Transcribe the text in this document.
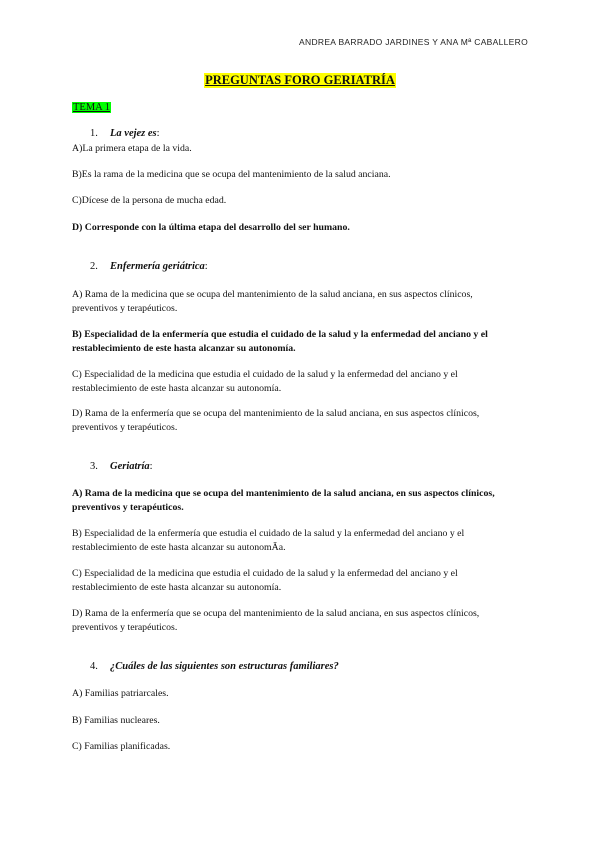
ANDREA BARRADO JARDINES Y ANA Mª CABALLERO
PREGUNTAS FORO GERIATRÍA
TEMA 1
1. La vejez es:
A)La primera etapa de la vida.
B)Es la rama de la medicina que se ocupa del mantenimiento de la salud anciana.
C)Dícese de la persona de mucha edad.
D) Corresponde con la última etapa del desarrollo del ser humano.
2. Enfermería geriátrica:
A) Rama de la medicina que se ocupa del mantenimiento de la salud anciana, en sus aspectos clínicos, preventivos y terapéuticos.
B) Especialidad de la enfermería que estudia el cuidado de la salud y la enfermedad del anciano y el restablecimiento de este hasta alcanzar su autonomía.
C) Especialidad de la medicina que estudia el cuidado de la salud y la enfermedad del anciano y el restablecimiento de este hasta alcanzar su autonomía.
D) Rama de la enfermería que se ocupa del mantenimiento de la salud anciana, en sus aspectos clínicos, preventivos y terapéuticos.
3. Geriatría:
A) Rama de la medicina que se ocupa del mantenimiento de la salud anciana, en sus aspectos clínicos, preventivos y terapéuticos.
B) Especialidad de la enfermería que estudia el cuidado de la salud y la enfermedad del anciano y el restablecimiento de este hasta alcanzar su autonomÃa.
C) Especialidad de la medicina que estudia el cuidado de la salud y la enfermedad del anciano y el restablecimiento de este hasta alcanzar su autonomía.
D) Rama de la enfermería que se ocupa del mantenimiento de la salud anciana, en sus aspectos clínicos, preventivos y terapéuticos.
4. ¿Cuáles de las siguientes son estructuras familiares?
A) Familias patriarcales.
B) Familias nucleares.
C) Familias planificadas.
